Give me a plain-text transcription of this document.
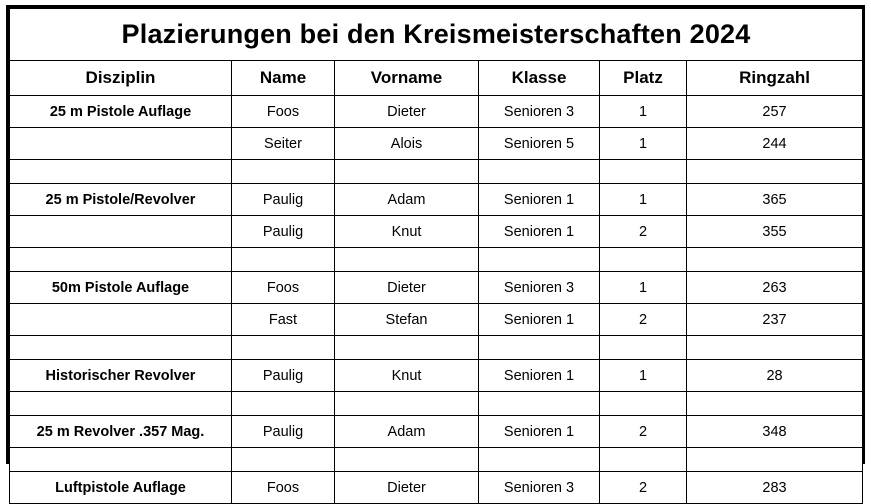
Plazierungen bei den Kreismeisterschaften 2024					
Disziplin	Name	Vorname	Klasse	Platz	Ringzahl
25 m Pistole Auflage	Foos	Dieter	Senioren 3	1	257
	Seiter	Alois	Senioren 5	1	244

25 m Pistole/Revolver	Paulig	Adam	Senioren 1	1	365
	Paulig	Knut	Senioren 1	2	355

50m Pistole Auflage	Foos	Dieter	Senioren 3	1	263
	Fast	Stefan	Senioren 1	2	237

Historischer Revolver	Paulig	Knut	Senioren 1	1	28

25 m Revolver .357 Mag.	Paulig	Adam	Senioren 1	2	348

Luftpistole Auflage	Foos	Dieter	Senioren 3	2	283
